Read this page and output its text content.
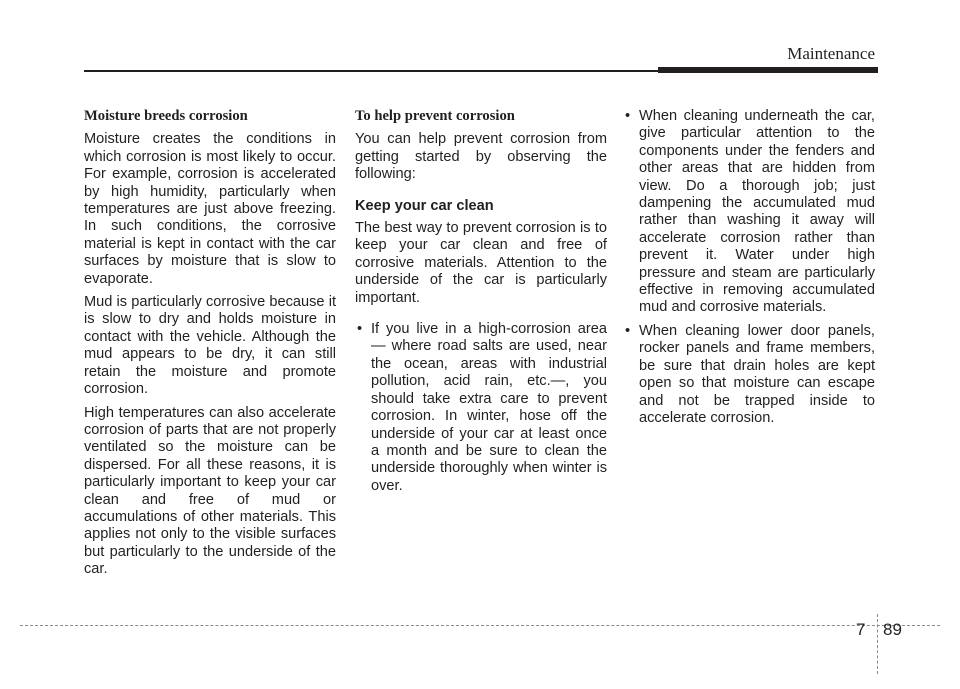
Maintenance
Moisture breeds corrosion

Moisture creates the conditions in which corrosion is most likely to occur. For example, corrosion is accelerated by high humidity, particularly when temperatures are just above freezing. In such conditions, the corrosive material is kept in contact with the car surfaces by moisture that is slow to evaporate.

Mud is particularly corrosive because it is slow to dry and holds moisture in contact with the vehicle. Although the mud appears to be dry, it can still retain the moisture and promote corrosion.

High temperatures can also accelerate corrosion of parts that are not properly ventilated so the moisture can be dispersed. For all these reasons, it is particularly important to keep your car clean and free of mud or accumulations of other materials. This applies not only to the visible surfaces but particularly to the underside of the car.

To help prevent corrosion

You can help prevent corrosion from getting started by observing the following:

Keep your car clean

The best way to prevent corrosion is to keep your car clean and free of corrosive materials. Attention to the underside of the car is particularly important.

• If you live in a high-corrosion area — where road salts are used, near the ocean, areas with industrial pollution, acid rain, etc.—, you should take extra care to prevent corrosion. In winter, hose off the underside of your car at least once a month and be sure to clean the underside thoroughly when winter is over.
• When cleaning underneath the car, give particular attention to the components under the fenders and other areas that are hidden from view. Do a thorough job; just dampening the accumulated mud rather than washing it away will accelerate corrosion rather than prevent it. Water under high pressure and steam are particularly effective in removing accumulated mud and corrosive materials.
• When cleaning lower door panels, rocker panels and frame members, be sure that drain holes are kept open so that moisture can escape and not be trapped inside to accelerate corrosion.
7 89
